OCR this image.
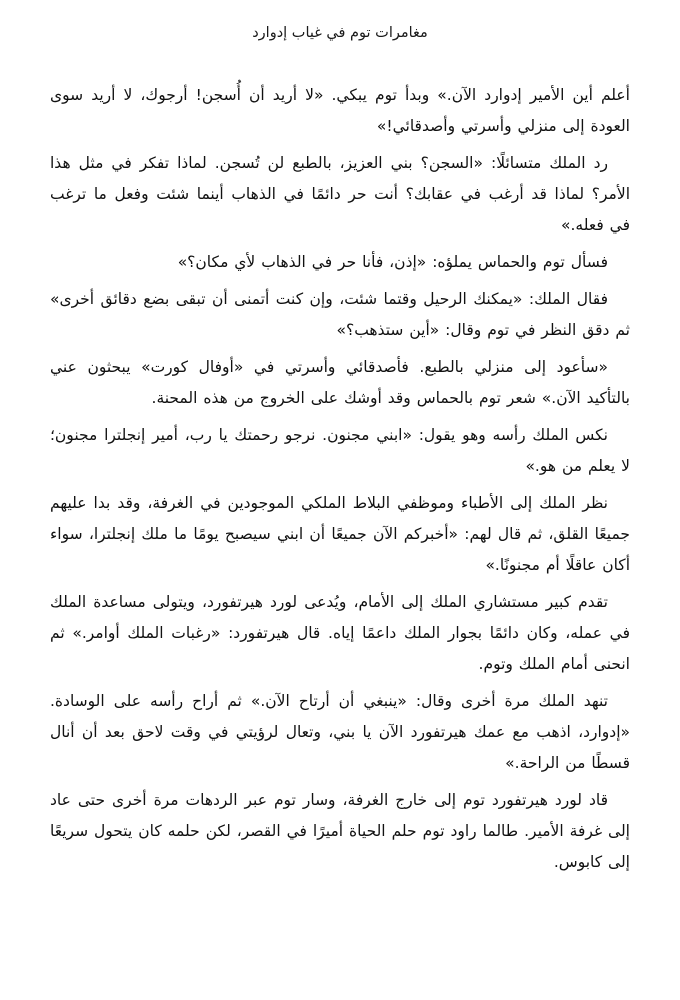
مغامرات توم في غياب إدوارد

أعلم أين الأمير إدوارد الآن.» وبدأ توم يبكي. «لا أريد أن أُسجن! أرجوك، لا أريد سوى العودة إلى منزلي وأسرتي وأصدقائي!»

رد الملك متسائلًا: «السجن؟ بني العزيز، بالطبع لن تُسجن. لماذا تفكر في مثل هذا الأمر؟ لماذا قد أرغب في عقابك؟ أنت حر دائمًا في الذهاب أينما شئت وفعل ما ترغب في فعله.»

فسأل توم والحماس يملؤه: «إذن، فأنا حر في الذهاب لأي مكان؟»

فقال الملك: «يمكنك الرحيل وقتما شئت، وإن كنت أتمنى أن تبقى بضع دقائق أخرى» ثم دقق النظر في توم وقال: «أين ستذهب؟»

«سأعود إلى منزلي بالطبع. فأصدقائي وأسرتي في «أوفال كورت» يبحثون عني بالتأكيد الآن.» شعر توم بالحماس وقد أوشك على الخروج من هذه المحنة.

نكس الملك رأسه وهو يقول: «ابني مجنون. نرجو رحمتك يا رب، أمير إنجلترا مجنون؛ لا يعلم من هو.»

نظر الملك إلى الأطباء وموظفي البلاط الملكي الموجودين في الغرفة، وقد بدا عليهم جميعًا القلق، ثم قال لهم: «أخبركم الآن جميعًا أن ابني سيصبح يومًا ما ملك إنجلترا، سواء أكان عاقلًا أم مجنونًا.»

تقدم كبير مستشاري الملك إلى الأمام، ويُدعى لورد هيرتفورد، ويتولى مساعدة الملك في عمله، وكان دائمًا بجوار الملك داعمًا إياه. قال هيرتفورد: «رغبات الملك أوامر.» ثم انحنى أمام الملك وتوم.

تنهد الملك مرة أخرى وقال: «ينبغي أن أرتاح الآن.» ثم أراح رأسه على الوسادة. «إدوارد، اذهب مع عمك هيرتفورد الآن يا بني، وتعال لرؤيتي في وقت لاحق بعد أن أنال قسطًا من الراحة.»

قاد لورد هيرتفورد توم إلى خارج الغرفة، وسار توم عبر الردهات مرة أخرى حتى عاد إلى غرفة الأمير. طالما راود توم حلم الحياة أميرًا في القصر، لكن حلمه كان يتحول سريعًا إلى كابوس.
